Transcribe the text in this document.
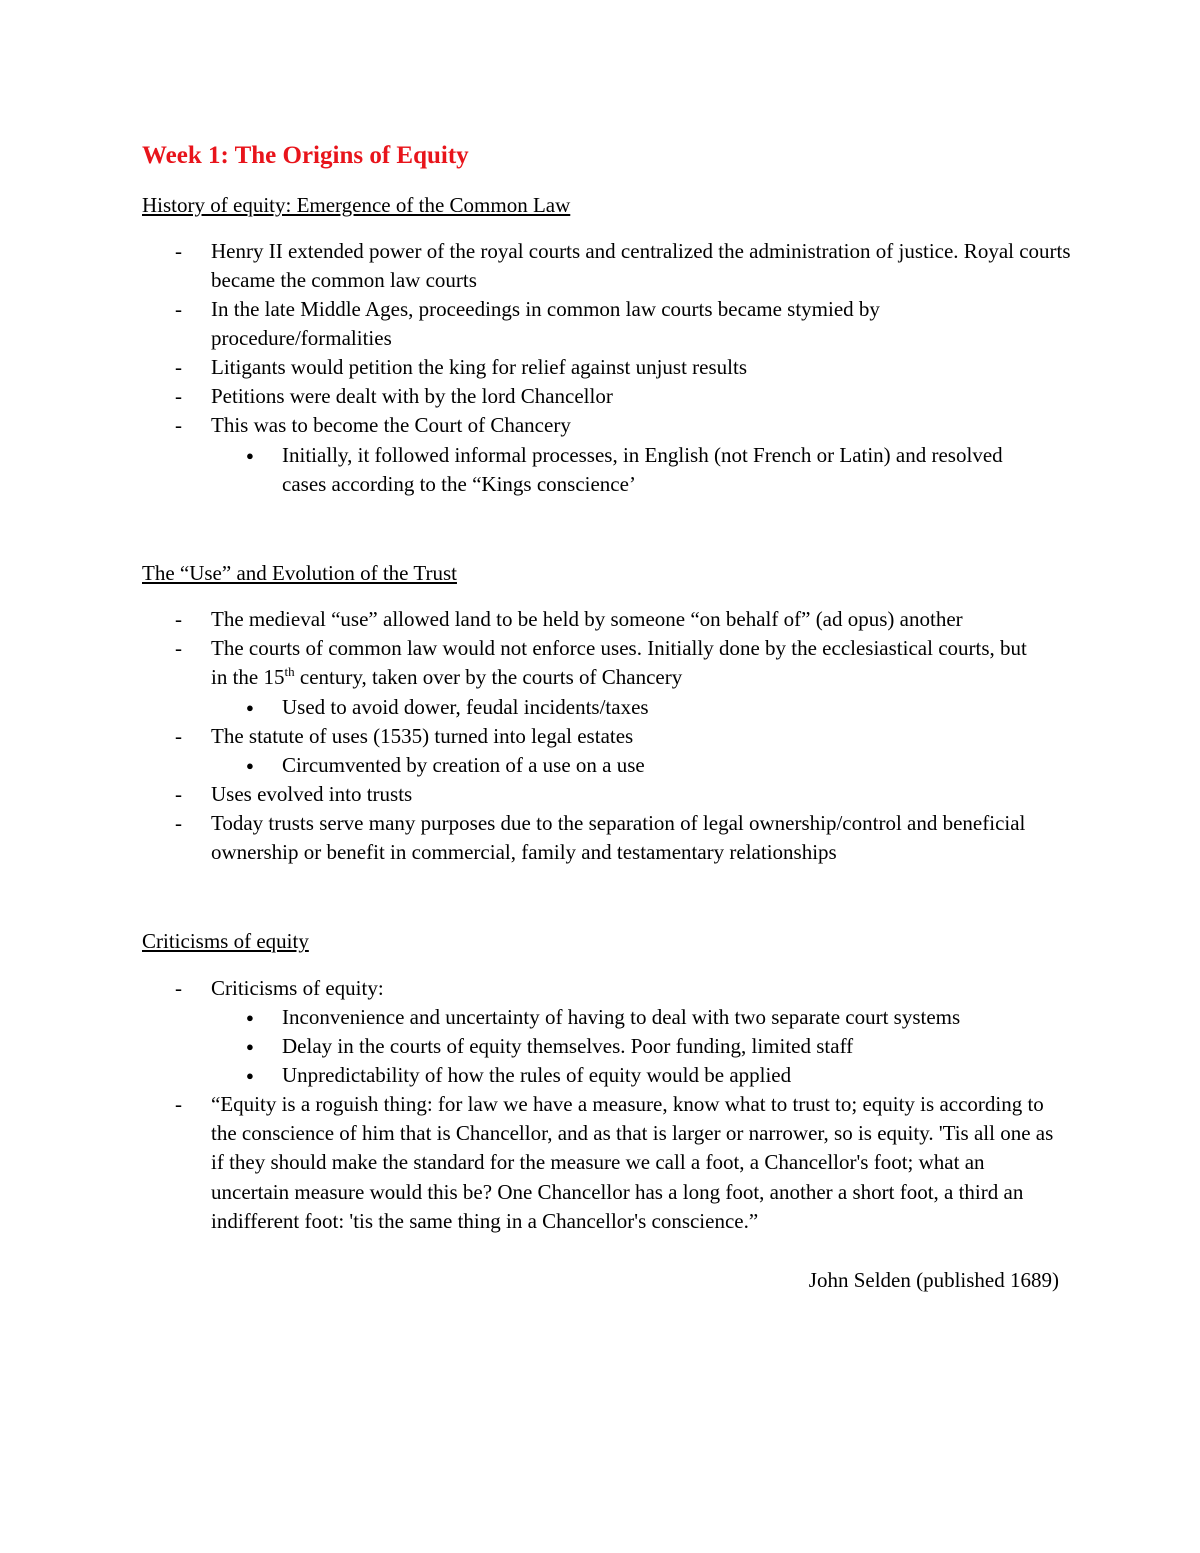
Week 1: The Origins of Equity

History of equity: Emergence of the Common Law

- Henry II extended power of the royal courts and centralized the administration of justice. Royal courts became the common law courts
- In the late Middle Ages, proceedings in common law courts became stymied by procedure/formalities
- Litigants would petition the king for relief against unjust results
- Petitions were dealt with by the lord Chancellor
- This was to become the Court of Chancery
● Initially, it followed informal processes, in English (not French or Latin) and resolved cases according to the “Kings conscience’

The “Use” and Evolution of the Trust

- The medieval “use” allowed land to be held by someone “on behalf of” (ad opus) another
- The courts of common law would not enforce uses. Initially done by the ecclesiastical courts, but in the 15th century, taken over by the courts of Chancery
● Used to avoid dower, feudal incidents/taxes
- The statute of uses (1535) turned into legal estates
● Circumvented by creation of a use on a use
- Uses evolved into trusts
- Today trusts serve many purposes due to the separation of legal ownership/control and beneficial ownership or benefit in commercial, family and testamentary relationships

Criticisms of equity

- Criticisms of equity:
● Inconvenience and uncertainty of having to deal with two separate court systems
● Delay in the courts of equity themselves. Poor funding, limited staff
● Unpredictability of how the rules of equity would be applied
- “Equity is a roguish thing: for law we have a measure, know what to trust to; equity is according to the conscience of him that is Chancellor, and as that is larger or narrower, so is equity. 'Tis all one as if they should make the standard for the measure we call a foot, a Chancellor's foot; what an uncertain measure would this be? One Chancellor has a long foot, another a short foot, a third an indifferent foot: 'tis the same thing in a Chancellor's conscience.”
John Selden (published 1689)
